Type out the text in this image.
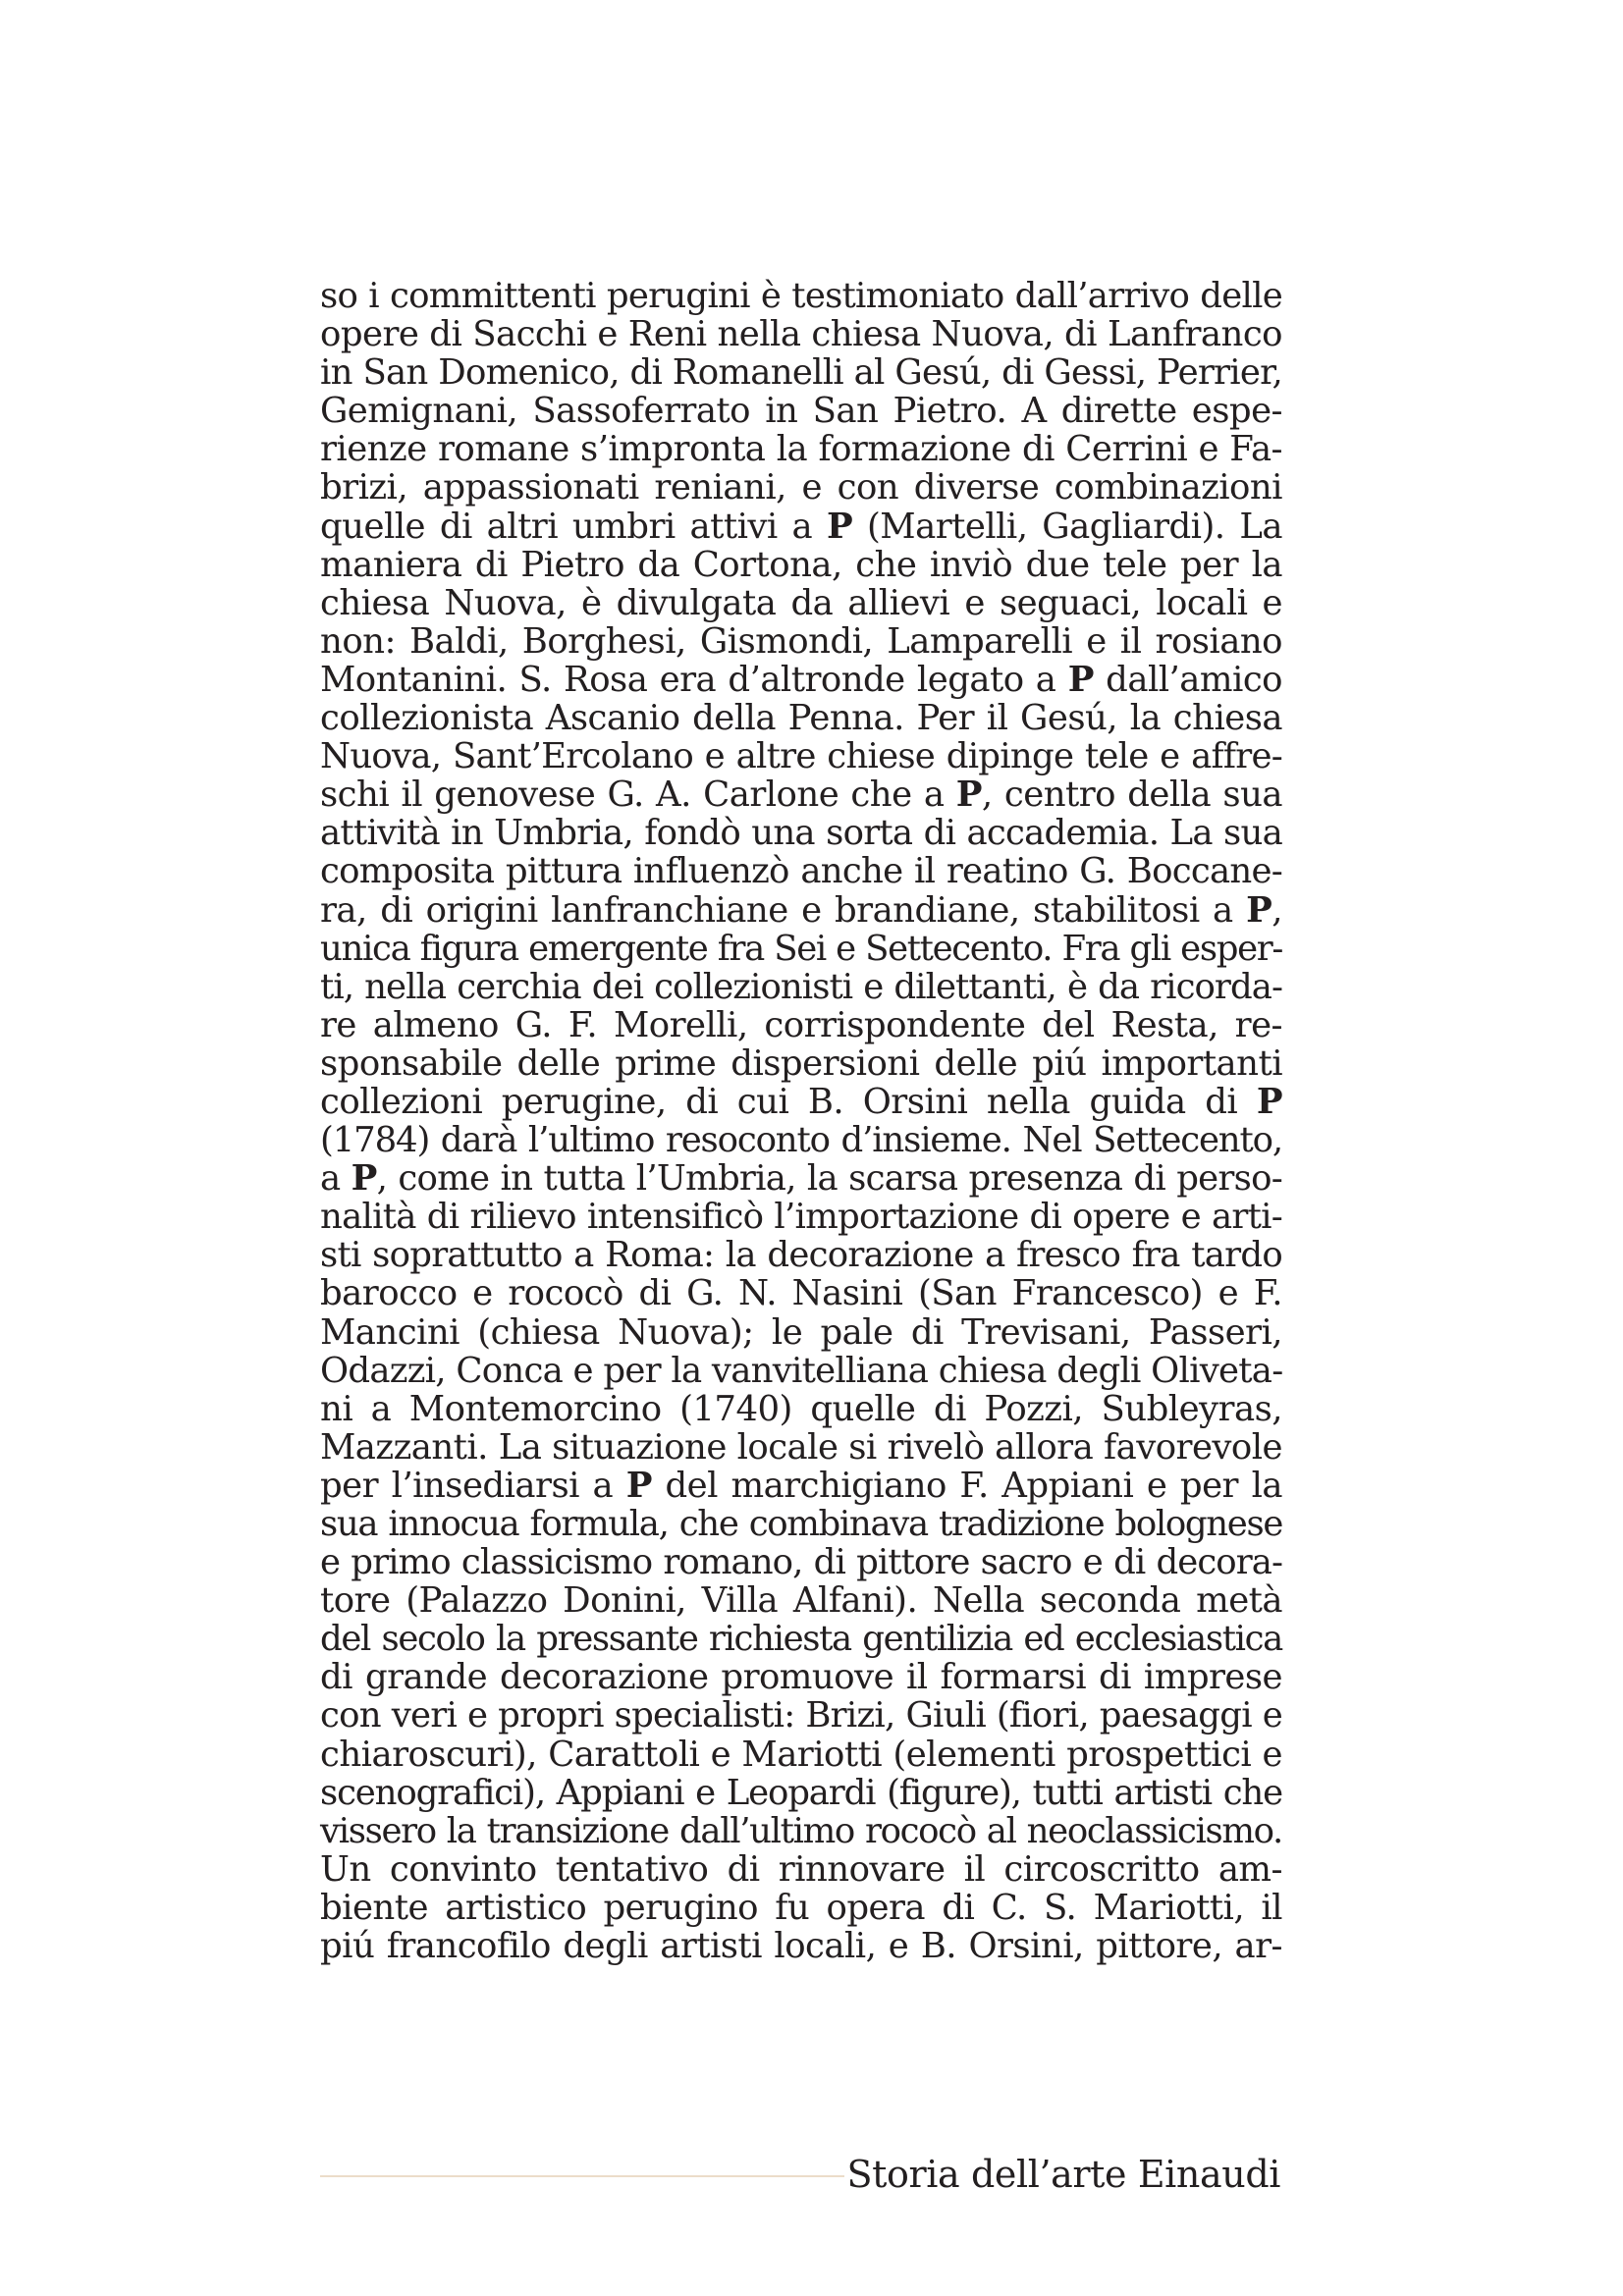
so i committenti perugini è testimoniato dall’arrivo delle
opere di Sacchi e Reni nella chiesa Nuova, di Lanfranco
in San Domenico, di Romanelli al Gesú, di Gessi, Perrier,
Gemignani, Sassoferrato in San Pietro. A dirette espe-
rienze romane s’impronta la formazione di Cerrini e Fa-
brizi, appassionati reniani, e con diverse combinazioni
quelle di altri umbri attivi a P (Martelli, Gagliardi). La
maniera di Pietro da Cortona, che inviò due tele per la
chiesa Nuova, è divulgata da allievi e seguaci, locali e
non: Baldi, Borghesi, Gismondi, Lamparelli e il rosiano
Montanini. S. Rosa era d’altronde legato a P dall’amico
collezionista Ascanio della Penna. Per il Gesú, la chiesa
Nuova, Sant’Ercolano e altre chiese dipinge tele e affre-
schi il genovese G. A. Carlone che a P, centro della sua
attività in Umbria, fondò una sorta di accademia. La sua
composita pittura influenzò anche il reatino G. Boccane-
ra, di origini lanfranchiane e brandiane, stabilitosi a P,
unica figura emergente fra Sei e Settecento. Fra gli esper-
ti, nella cerchia dei collezionisti e dilettanti, è da ricorda-
re almeno G. F. Morelli, corrispondente del Resta, re-
sponsabile delle prime dispersioni delle piú importanti
collezioni perugine, di cui B. Orsini nella guida di P
(1784) darà l’ultimo resoconto d’insieme. Nel Settecento,
a P, come in tutta l’Umbria, la scarsa presenza di perso-
nalità di rilievo intensificò l’importazione di opere e arti-
sti soprattutto a Roma: la decorazione a fresco fra tardo
barocco e rococò di G. N. Nasini (San Francesco) e F.
Mancini (chiesa Nuova); le pale di Trevisani, Passeri,
Odazzi, Conca e per la vanvitelliana chiesa degli Oliveta-
ni a Montemorcino (1740) quelle di Pozzi, Subleyras,
Mazzanti. La situazione locale si rivelò allora favorevole
per l’insediarsi a P del marchigiano F. Appiani e per la
sua innocua formula, che combinava tradizione bolognese
e primo classicismo romano, di pittore sacro e di decora-
tore (Palazzo Donini, Villa Alfani). Nella seconda metà
del secolo la pressante richiesta gentilizia ed ecclesiastica
di grande decorazione promuove il formarsi di imprese
con veri e propri specialisti: Brizi, Giuli (fiori, paesaggi e
chiaroscuri), Carattoli e Mariotti (elementi prospettici e
scenografici), Appiani e Leopardi (figure), tutti artisti che
vissero la transizione dall’ultimo rococò al neoclassicismo.
Un convinto tentativo di rinnovare il circoscritto am-
biente artistico perugino fu opera di C. S. Mariotti, il
piú francofilo degli artisti locali, e B. Orsini, pittore, ar-
Storia dell’arte Einaudi
